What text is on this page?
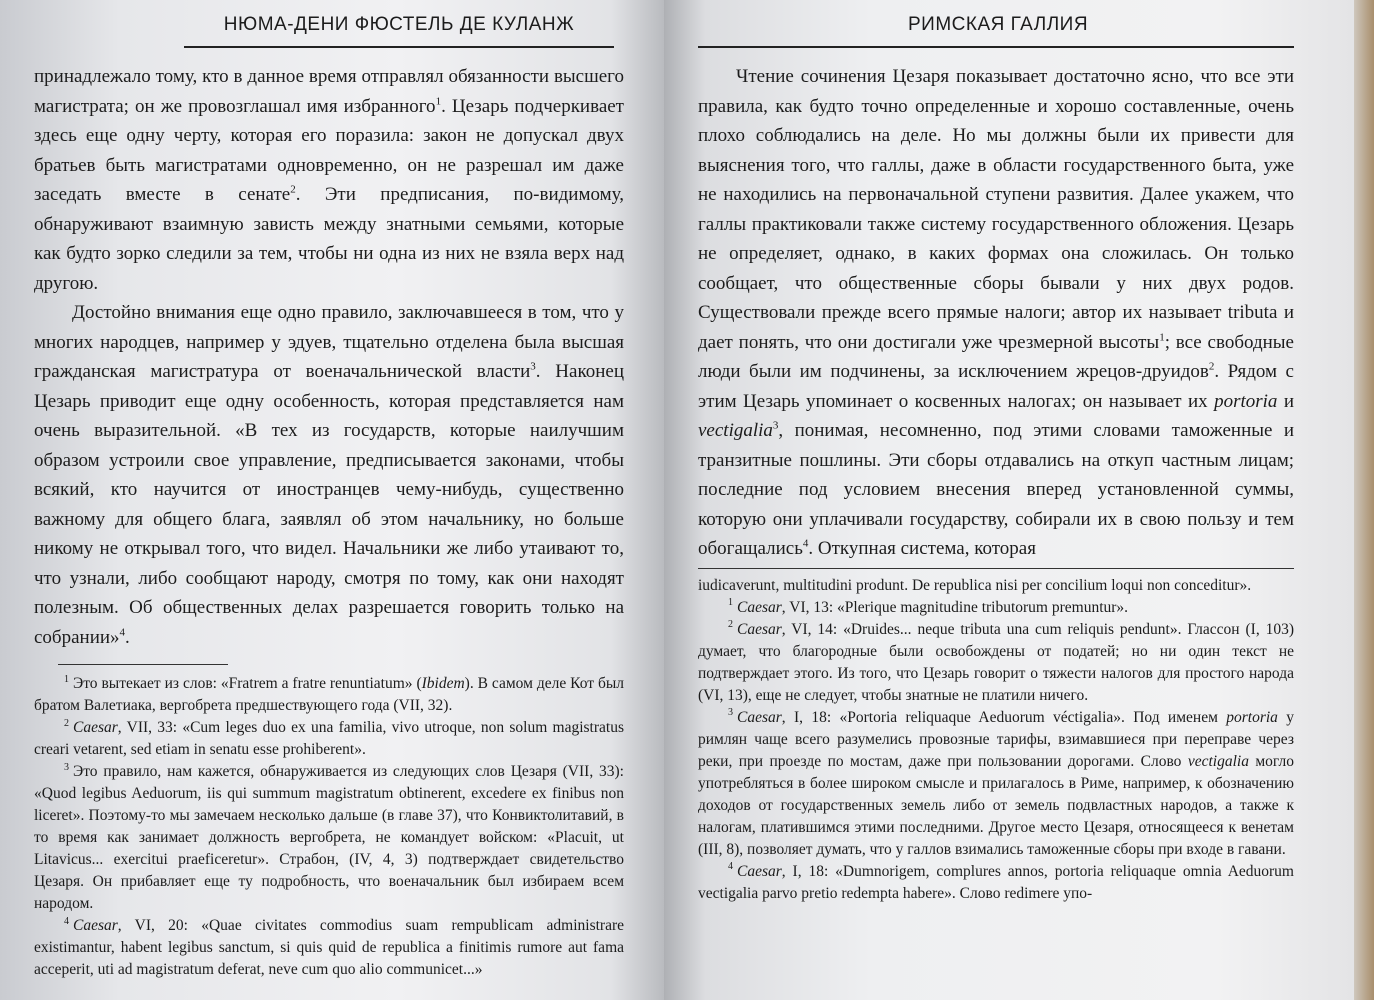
НЮМА-ДЕНИ ФЮСТЕЛЬ ДЕ КУЛАНЖ

принадлежало тому, кто в данное время отправлял обязанности высшего магистрата; он же провозглашал имя избранного$^1$. Цезарь подчеркивает здесь еще одну черту, которая его поразила: закон не допускал двух братьев быть магистратами одновременно, он не разрешал им даже заседать вместе в сенате$^2$. Эти предписания, по-видимому, обнаруживают взаимную зависть между знатными семьями, которые как будто зорко следили за тем, чтобы ни одна из них не взяла верх над другою.

Достойно внимания еще одно правило, заключавшееся в том, что у многих народцев, например у эдуев, тщательно отделена была высшая гражданская магистратура от военачальнической власти$^3$. Наконец Цезарь приводит еще одну особенность, которая представляется нам очень выразительной. «В тех из государств, которые наилучшим образом устроили свое управление, предписывается законами, чтобы всякий, кто научится от иностранцев чему-нибудь, существенно важному для общего блага, заявлял об этом начальнику, но больше никому не открывал того, что видел. Начальники же либо утаивают то, что узнали, либо сообщают народу, смотря по тому, как они находят полезным. Об общественных делах разрешается говорить только на собрании»$^4$.

$^1$ Это вытекает из слов: «Fratrem a fratre renuntiatum» (Ibidem). В самом деле Кот был братом Валетиака, вергобрета предшествующего года (VII, 32).

$^2$ Caesar, VII, 33: «Cum leges duo ex una familia, vivo utroque, non solum magistratus creari vetarent, sed etiam in senatu esse prohiberent».

$^3$ Это правило, нам кажется, обнаруживается из следующих слов Цезаря (VII, 33): «Quod legibus Aeduorum, iis qui summum magistratum obtinerent, excedere ex finibus non liceret». Поэтому-то мы замечаем несколько дальше (в главе 37), что Конвиктолитавий, в то время как занимает должность вергобрета, не командует войском: «Placuit, ut Litavicus... exercitui praeficeretur». Страбон, (IV, 4, 3) подтверждает свидетельство Цезаря. Он прибавляет еще ту подробность, что военачальник был избираем всем народом.

$^4$ Caesar, VI, 20: «Quae civitates commodius suam rempublicam administrare existimantur, habent legibus sanctum, si quis quid de republica a finitimis rumore aut fama acceperit, uti ad magistratum deferat, neve cum quo alio communicet...»

РИМСКАЯ ГАЛЛИЯ

Чтение сочинения Цезаря показывает достаточно ясно, что все эти правила, как будто точно определенные и хорошо составленные, очень плохо соблюдались на деле. Но мы должны были их привести для выяснения того, что галлы, даже в области государственного быта, уже не находились на первоначальной ступени развития. Далее укажем, что галлы практиковали также систему государственного обложения. Цезарь не определяет, однако, в каких формах она сложилась. Он только сообщает, что общественные сборы бывали у них двух родов. Существовали прежде всего прямые налоги; автор их называет tributa и дает понять, что они достигали уже чрезмерной высоты$^1$; все свободные люди были им подчинены, за исключением жрецов-друидов$^2$. Рядом с этим Цезарь упоминает о косвенных налогах; он называет их portoria и vectigalia$^3$, понимая, несомненно, под этими словами таможенные и транзитные пошлины. Эти сборы отдавались на откуп частным лицам; последние под условием внесения вперед установленной суммы, которую они уплачивали государству, собирали их в свою пользу и тем обогащались$^4$. Откупная система, которая

iudicaverunt, multitudini produnt. De republica nisi per concilium loqui non conceditur».

$^1$ Caesar, VI, 13: «Plerique magnitudine tributorum premuntur».

$^2$ Caesar, VI, 14: «Druides... neque tributa una cum reliquis pendunt». Глассон (I, 103) думает, что благородные были освобождены от податей; но ни один текст не подтверждает этого. Из того, что Цезарь говорит о тяжести налогов для простого народа (VI, 13), еще не следует, чтобы знатные не платили ничего.

$^3$ Caesar, I, 18: «Portoria reliquaque Aeduorum véctigalia». Под именем portoria у римлян чаще всего разумелись провозные тарифы, взимавшиеся при переправе через реки, при проезде по мостам, даже при пользовании дорогами. Слово vectigalia могло употребляться в более широком смысле и прилагалось в Риме, например, к обозначению доходов от государственных земель либо от земель подвластных народов, а также к налогам, платившимся этими последними. Другое место Цезаря, относящееся к венетам (III, 8), позволяет думать, что у галлов взимались таможенные сборы при входе в гавани.

$^4$ Caesar, I, 18: «Dumnorigem, complures annos, portoria reliquaque omnia Aeduorum vectigalia parvo pretio redempta habere». Слово redimere упо-
